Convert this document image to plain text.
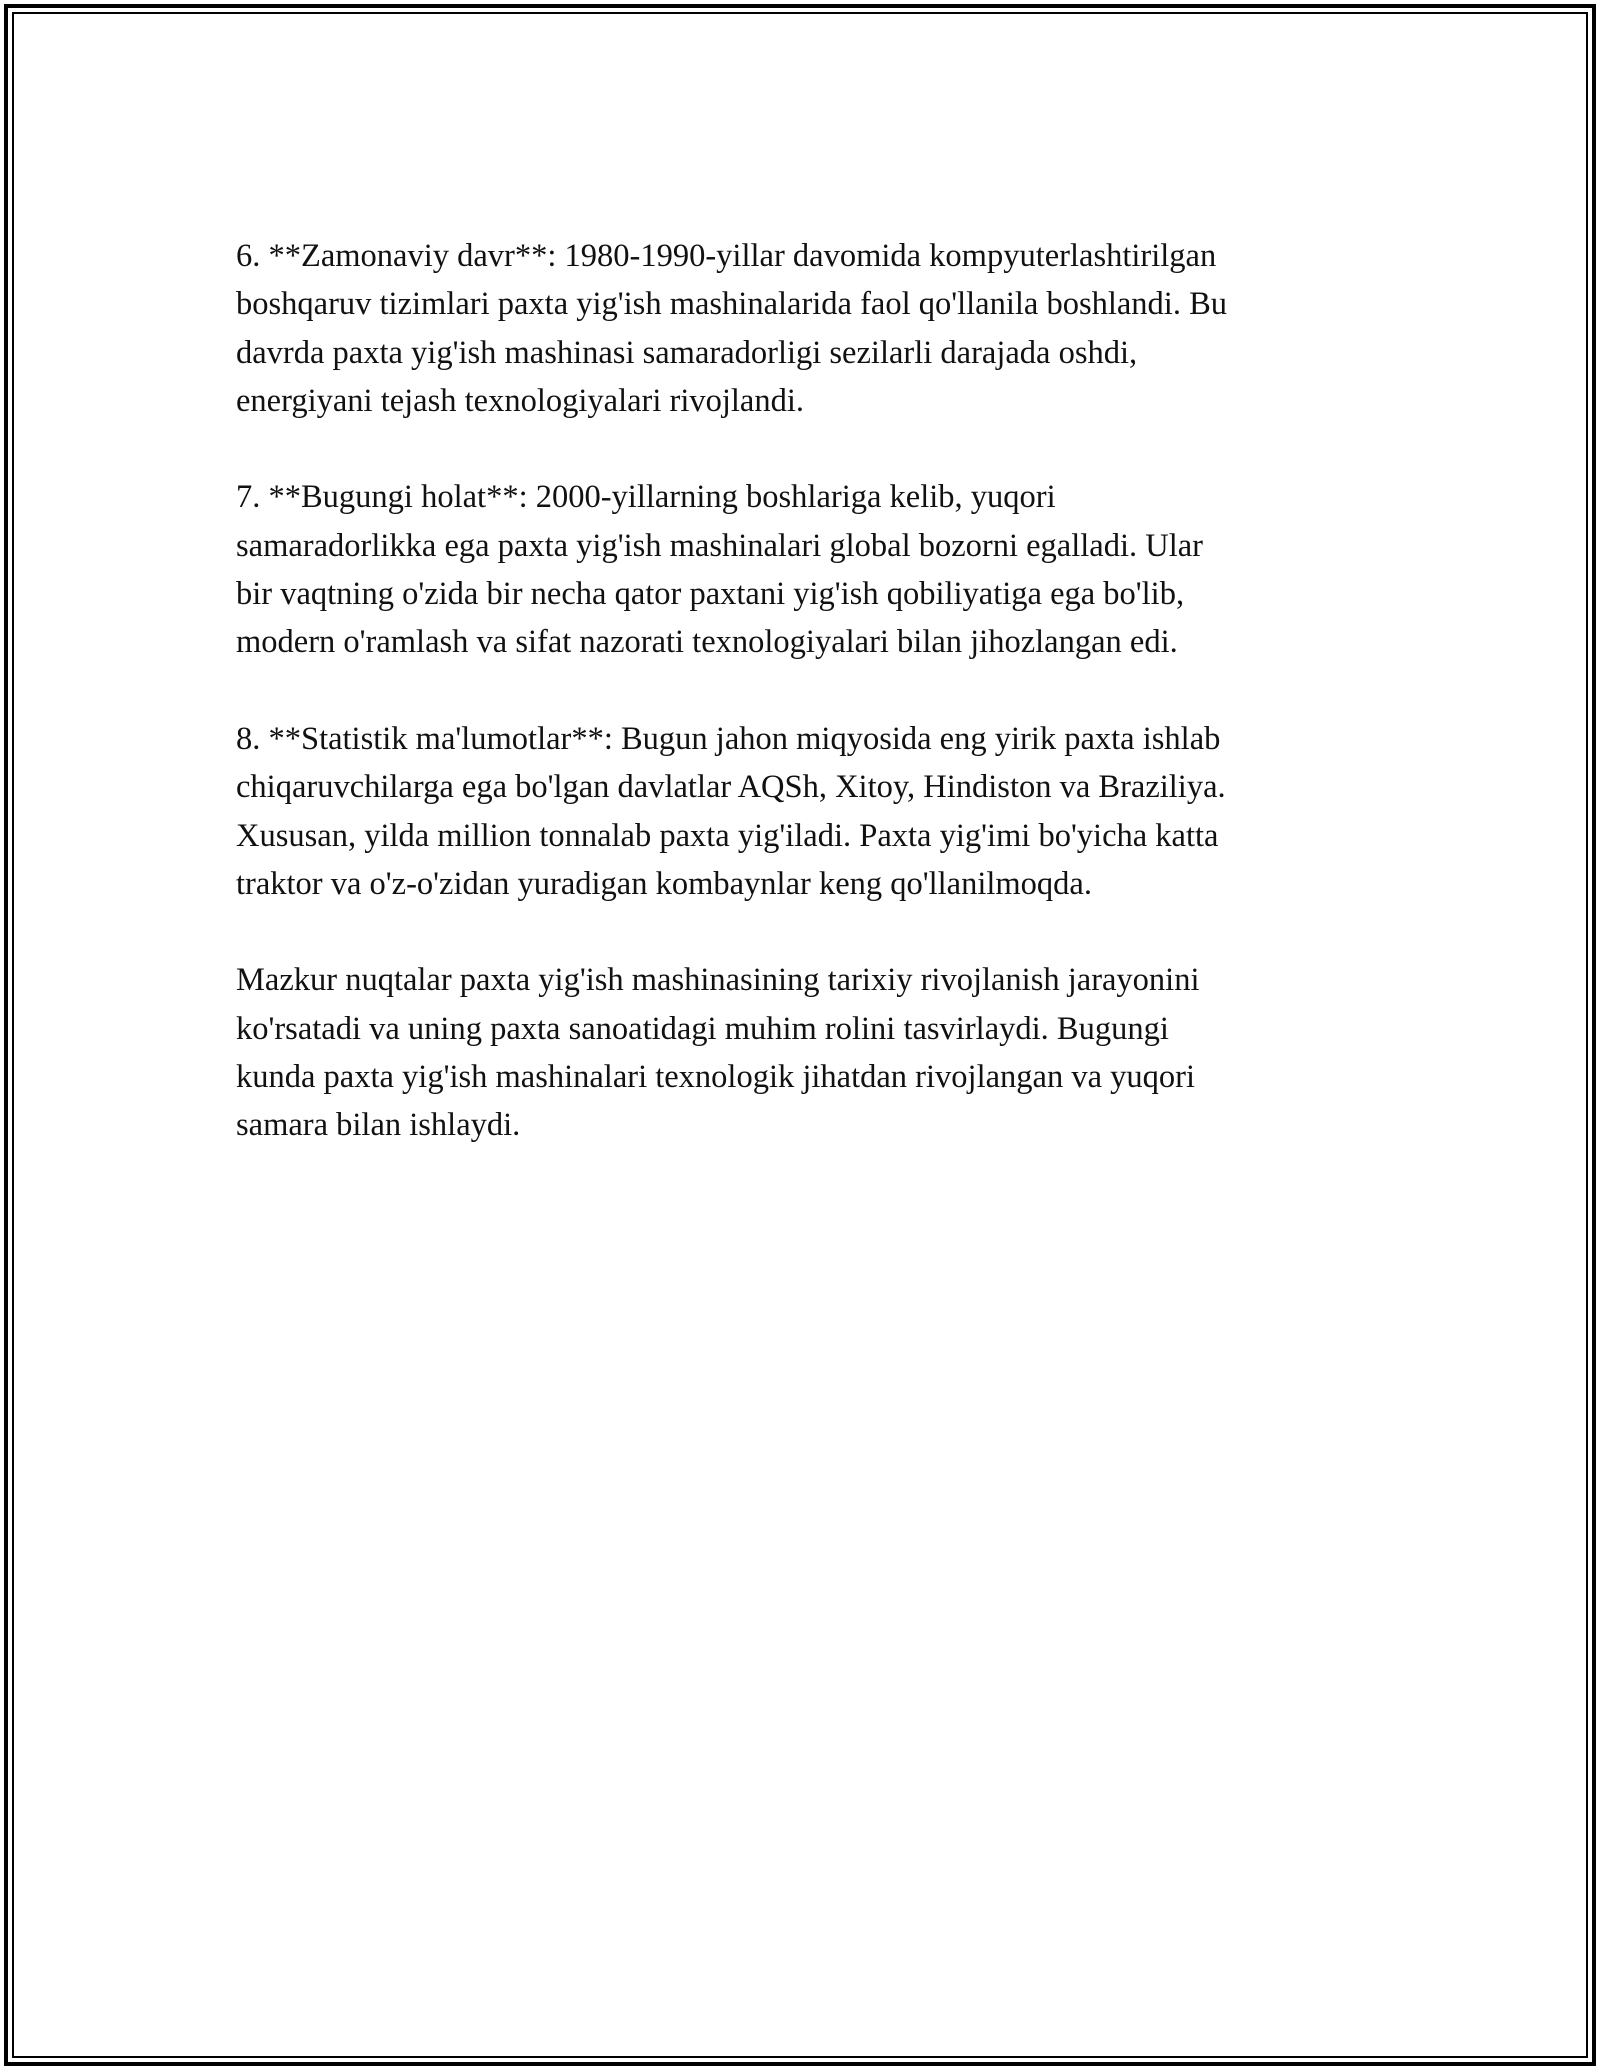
6. **Zamonaviy davr**: 1980-1990-yillar davomida kompyuterlashtirilgan
boshqaruv tizimlari paxta yig'ish mashinalarida faol qo'llanila boshlandi. Bu
davrda paxta yig'ish mashinasi samaradorligi sezilarli darajada oshdi,
energiyani tejash texnologiyalari rivojlandi.

7. **Bugungi holat**: 2000-yillarning boshlariga kelib, yuqori
samaradorlikka ega paxta yig'ish mashinalari global bozorni egalladi. Ular
bir vaqtning o'zida bir necha qator paxtani yig'ish qobiliyatiga ega bo'lib,
modern o'ramlash va sifat nazorati texnologiyalari bilan jihozlangan edi.

8. **Statistik ma'lumotlar**: Bugun jahon miqyosida eng yirik paxta ishlab
chiqaruvchilarga ega bo'lgan davlatlar AQSh, Xitoy, Hindiston va Braziliya.
Xususan, yilda million tonnalab paxta yig'iladi. Paxta yig'imi bo'yicha katta
traktor va o'z-o'zidan yuradigan kombaynlar keng qo'llanilmoqda.

Mazkur nuqtalar paxta yig'ish mashinasining tarixiy rivojlanish jarayonini
ko'rsatadi va uning paxta sanoatidagi muhim rolini tasvirlaydi. Bugungi
kunda paxta yig'ish mashinalari texnologik jihatdan rivojlangan va yuqori
samara bilan ishlaydi.
